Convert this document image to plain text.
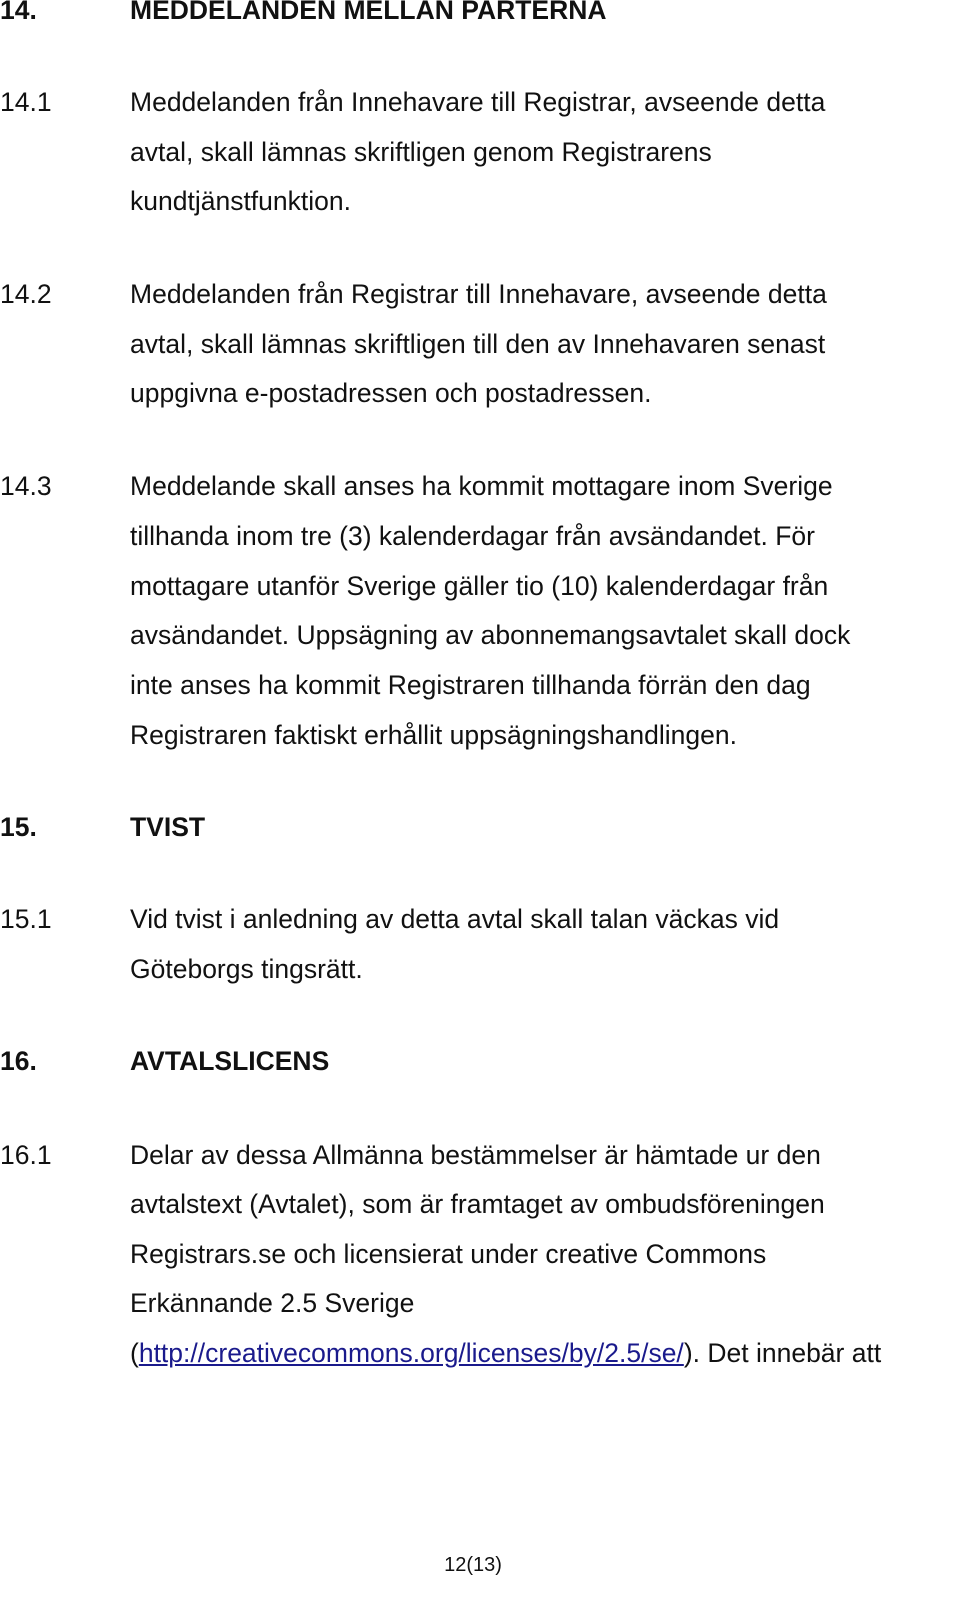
14.	MEDDELANDEN MELLAN PARTERNA
14.1	Meddelanden från Innehavare till Registrar, avseende detta
avtal, skall lämnas skriftligen genom Registrarens
kundtjänstfunktion.
14.2	Meddelanden från Registrar till Innehavare, avseende detta
avtal, skall lämnas skriftligen till den av Innehavaren senast
uppgivna e-postadressen och postadressen.
14.3	Meddelande skall anses ha kommit mottagare inom Sverige
tillhanda inom tre (3) kalenderdagar från avsändandet. För
mottagare utanför Sverige gäller tio (10) kalenderdagar från
avsändandet. Uppsägning av abonnemangsavtalet skall dock
inte anses ha kommit Registraren tillhanda förrän den dag
Registraren faktiskt erhållit uppsägningshandlingen.
15.	TVIST
15.1	Vid tvist i anledning av detta avtal skall talan väckas vid
Göteborgs tingsrätt.
16.	AVTALSLICENS
16.1	Delar av dessa Allmänna bestämmelser är hämtade ur den
avtalstext (Avtalet), som är framtaget av ombudsföreningen
Registrars.se och licensierat under creative Commons
Erkännande 2.5 Sverige
(http://creativecommons.org/licenses/by/2.5/se/). Det innebär att
12(13)
